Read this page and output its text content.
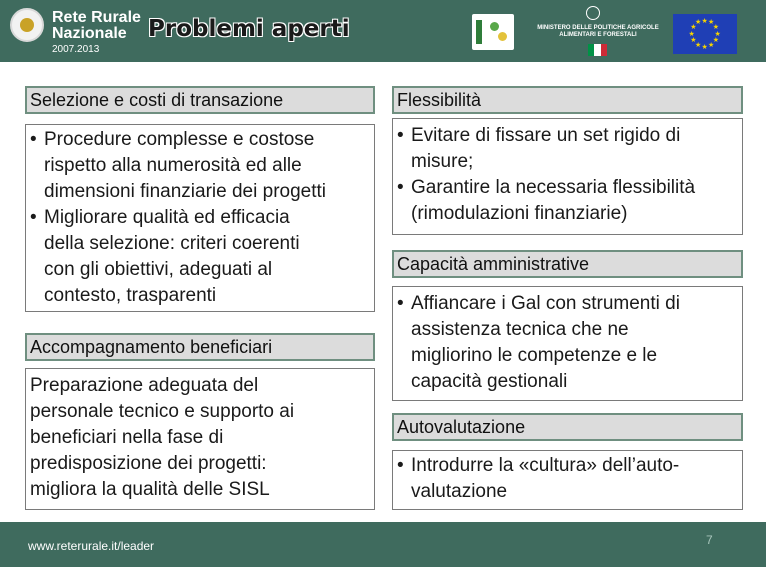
Rete Rurale
Nazionale
2007.2013
MINISTERO DELLE POLITICHE AGRICOLE
ALIMENTARI E FORESTALI	★
★
★
★
★
★
★
★
★ ★ ★
★
Problemi aperti
Selezione e costi di transazione
• Procedure complesse e costose
rispetto alla numerosità ed alle
dimensioni finanziarie dei progetti
• Migliorare qualità ed efficacia
della selezione: criteri coerenti
con gli obiettivi, adeguati al
contesto, trasparenti
Accompagnamento beneficiari

Preparazione adeguata del
personale tecnico e supporto ai
beneficiari nella fase di
predisposizione dei progetti:
migliora la qualità delle SISL

Flessibilità
• Evitare di fissare un set rigido di
misure;
• Garantire la necessaria flessibilità
(rimodulazioni finanziarie)
Capacità amministrative
• Affiancare i Gal con strumenti di
assistenza tecnica che ne
migliorino le competenze e le
capacità gestionali
Autovalutazione
• Introdurre la «cultura» dell’auto-
valutazione
www.reterurale.it/leader	7
